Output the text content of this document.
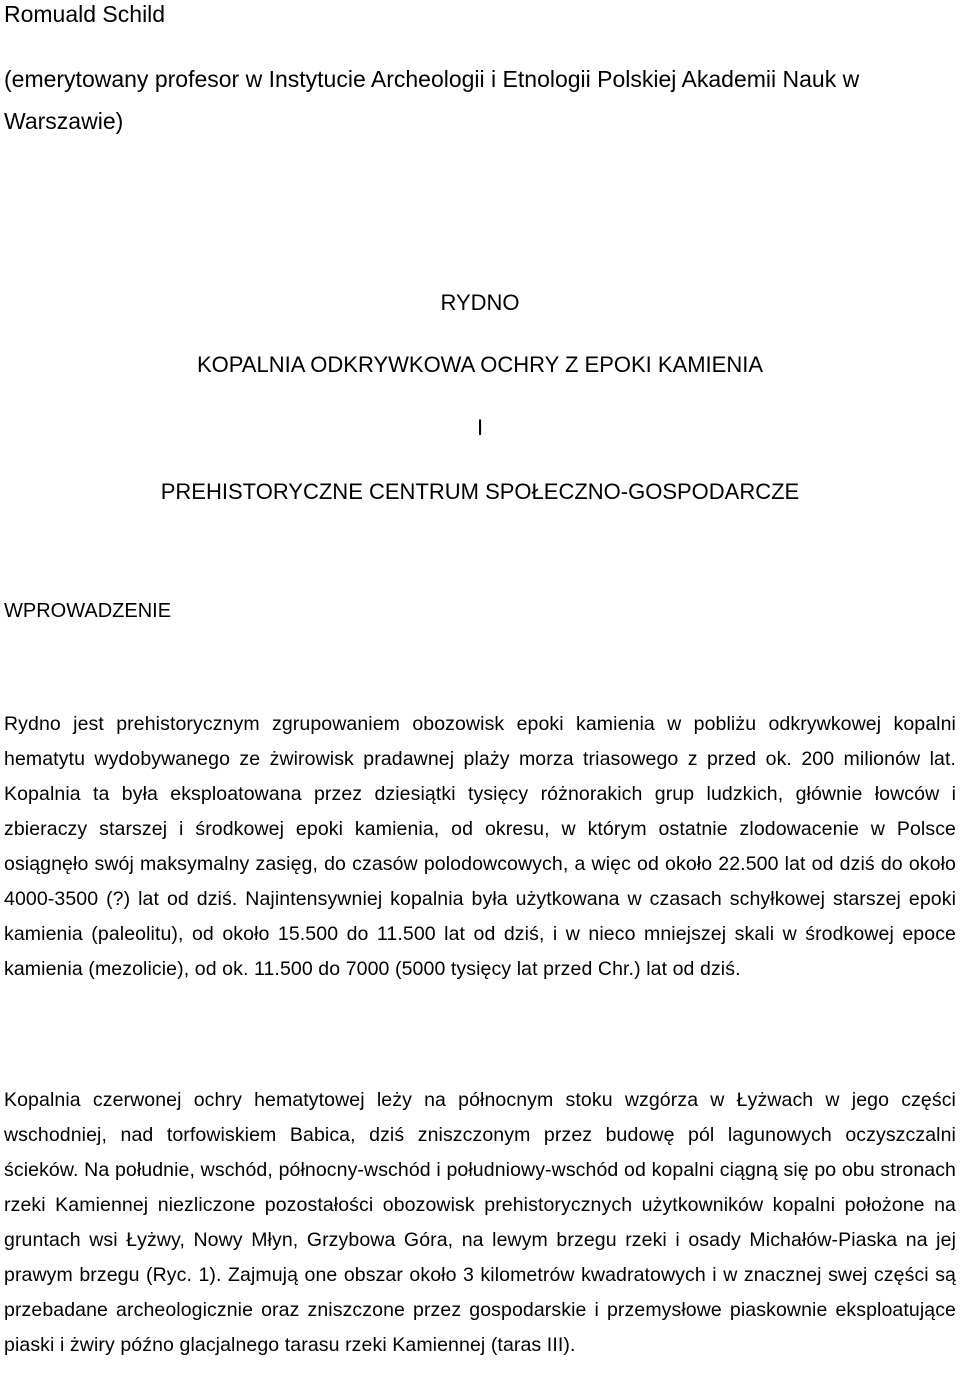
Romuald Schild

(emerytowany profesor w Instytucie Archeologii i Etnologii Polskiej Akademii Nauk w Warszawie)

RYDNO
KOPALNIA ODKRYWKOWA OCHRY Z EPOKI KAMIENIA
I
PREHISTORYCZNE CENTRUM SPOŁECZNO-GOSPODARCZE
WPROWADZENIE

Rydno jest prehistorycznym zgrupowaniem obozowisk epoki kamienia w pobliżu odkrywkowej kopalni hematytu wydobywanego ze żwirowisk pradawnej plaży morza triasowego z przed ok. 200 milionów lat. Kopalnia ta była eksploatowana przez dziesiątki tysięcy różnorakich grup ludzkich, głównie łowców i zbieraczy starszej i środkowej epoki kamienia, od okresu, w którym ostatnie zlodowacenie w Polsce osiągnęło swój maksymalny zasięg, do czasów polodowcowych, a więc od około 22.500 lat od dziś do około 4000-3500 (?) lat od dziś. Najintensywniej kopalnia była użytkowana w czasach schyłkowej starszej epoki kamienia (paleolitu), od około 15.500 do 11.500 lat od dziś, i w nieco mniejszej skali w środkowej epoce kamienia (mezolicie), od ok. 11.500 do 7000 (5000 tysięcy lat przed Chr.) lat od dziś.

Kopalnia czerwonej ochry hematytowej leży na północnym stoku wzgórza w Łyżwach w jego części wschodniej, nad torfowiskiem Babica, dziś zniszczonym przez budowę pól lagunowych oczyszczalni ścieków. Na południe, wschód, północny-wschód i południowy-wschód od kopalni ciągną się po obu stronach rzeki Kamiennej niezliczone pozostałości obozowisk prehistorycznych użytkowników kopalni położone na gruntach wsi Łyżwy, Nowy Młyn, Grzybowa Góra, na lewym brzegu rzeki i osady Michałów-Piaska na jej prawym brzegu (Ryc. 1). Zajmują one obszar około 3 kilometrów kwadratowych i w znacznej swej części są przebadane archeologicznie oraz zniszczone przez gospodarskie i przemysłowe piaskownie eksploatujące piaski i żwiry późno glacjalnego tarasu rzeki Kamiennej (taras III).
